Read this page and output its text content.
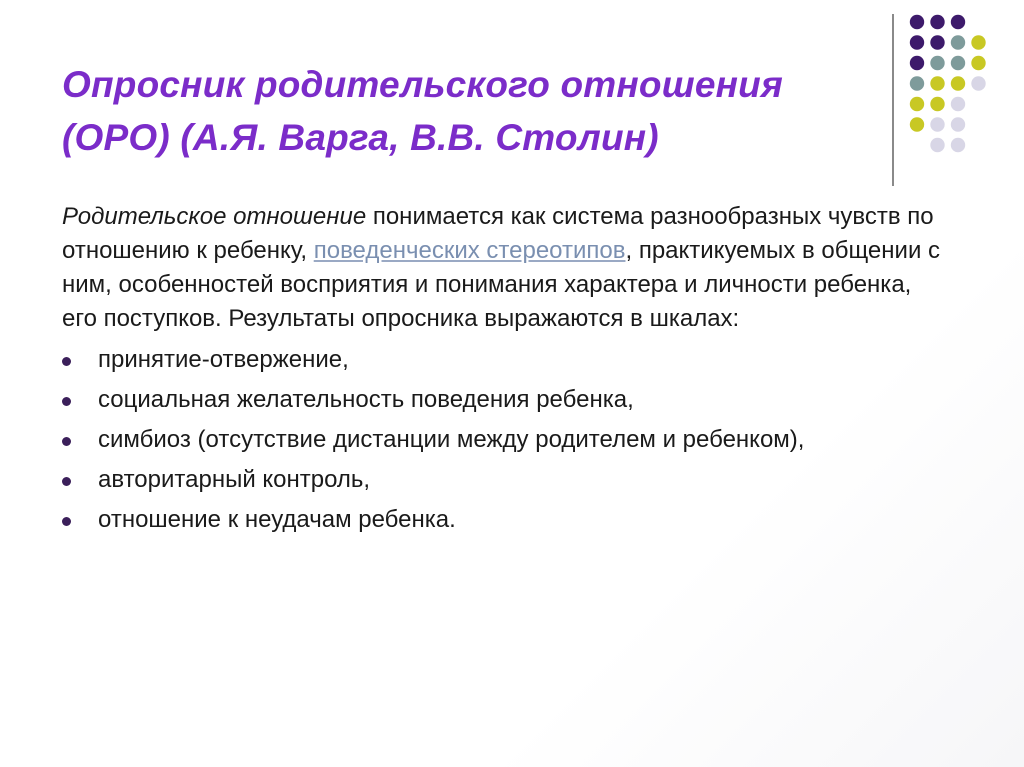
Опросник родительского отношения
(ОРО) (А.Я. Варга, В.В. Столин)

Родительское отношение понимается как система разнообразных чувств по отношению к ребенку, поведенческих стереотипов, практикуемых в общении с ним, особенностей восприятия и понимания характера и личности ребенка, его поступков. Результаты опросника выражаются в шкалах:

принятие-отвержение,
социальная желательность поведения ребенка,
симбиоз (отсутствие дистанции между родителем и ребенком),
авторитарный контроль,
отношение к неудачам ребенка.
